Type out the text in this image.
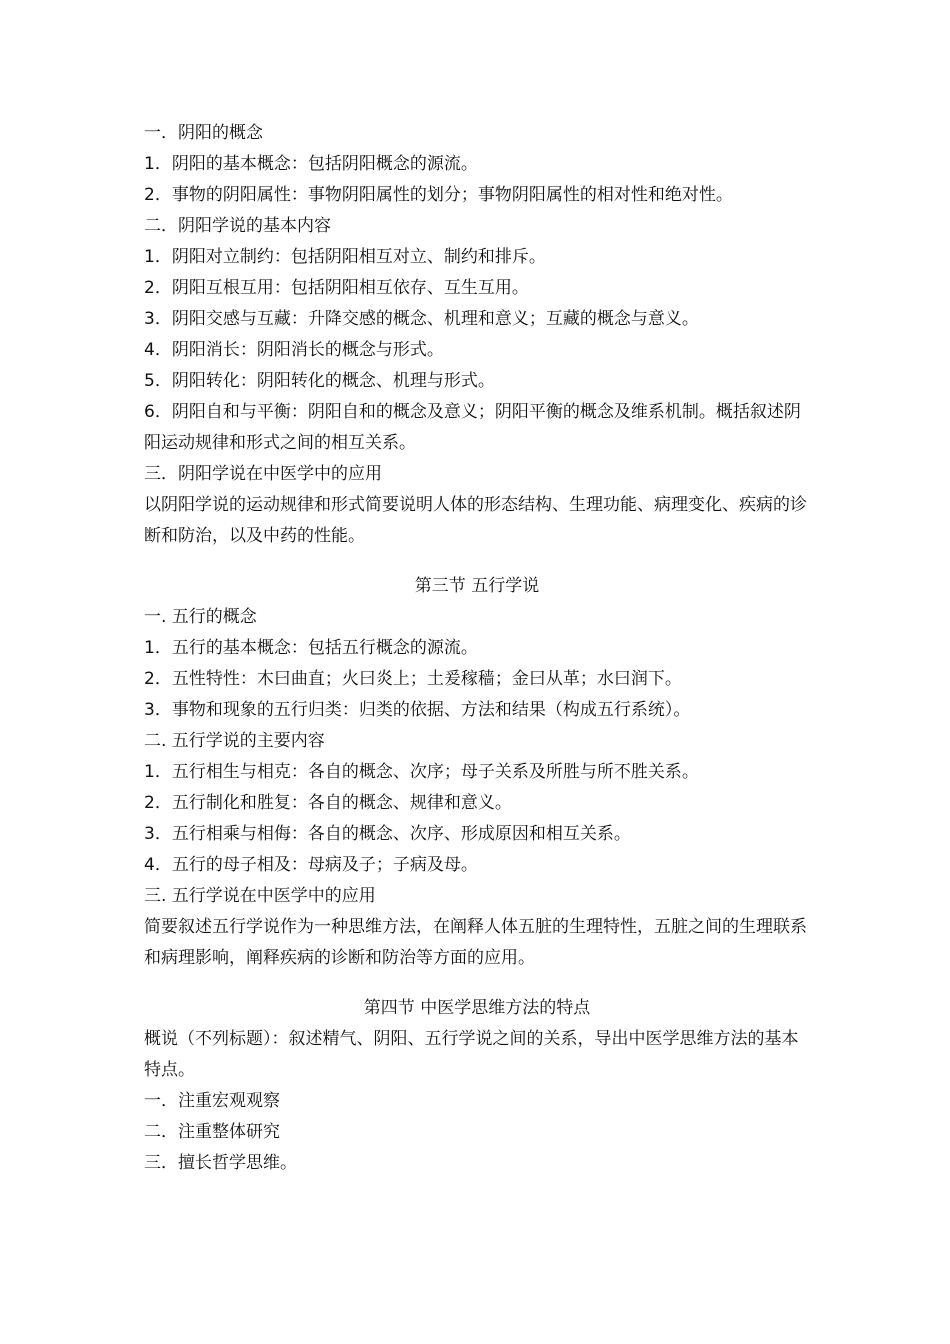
一．阴阳的概念
1．阴阳的基本概念：包括阴阳概念的源流。
2．事物的阴阳属性：事物阴阳属性的划分；事物阴阳属性的相对性和绝对性。
二．阴阳学说的基本内容
1．阴阳对立制约：包括阴阳相互对立、制约和排斥。
2．阴阳互根互用：包括阴阳相互依存、互生互用。
3．阴阳交感与互藏：升降交感的概念、机理和意义；互藏的概念与意义。
4．阴阳消长：阴阳消长的概念与形式。
5．阴阳转化：阴阳转化的概念、机理与形式。
6．阴阳自和与平衡：阴阳自和的概念及意义；阴阳平衡的概念及维系机制。概括叙述阴阳运动规律和形式之间的相互关系。
三．阴阳学说在中医学中的应用
以阴阳学说的运动规律和形式简要说明人体的形态结构、生理功能、病理变化、疾病的诊断和防治，以及中药的性能。
第三节 五行学说
一. 五行的概念
1．五行的基本概念：包括五行概念的源流。
2．五性特性：木曰曲直；火曰炎上；土爰稼穑；金曰从革；水曰润下。
3．事物和现象的五行归类：归类的依据、方法和结果（构成五行系统）。
二. 五行学说的主要内容
1．五行相生与相克：各自的概念、次序；母子关系及所胜与所不胜关系。
2．五行制化和胜复：各自的概念、规律和意义。
3．五行相乘与相侮：各自的概念、次序、形成原因和相互关系。
4．五行的母子相及：母病及子；子病及母。
三. 五行学说在中医学中的应用
简要叙述五行学说作为一种思维方法，在阐释人体五脏的生理特性，五脏之间的生理联系和病理影响，阐释疾病的诊断和防治等方面的应用。
第四节 中医学思维方法的特点
概说（不列标题）：叙述精气、阴阳、五行学说之间的关系，导出中医学思维方法的基本特点。
一．注重宏观观察
二．注重整体研究
三．擅长哲学思维。
